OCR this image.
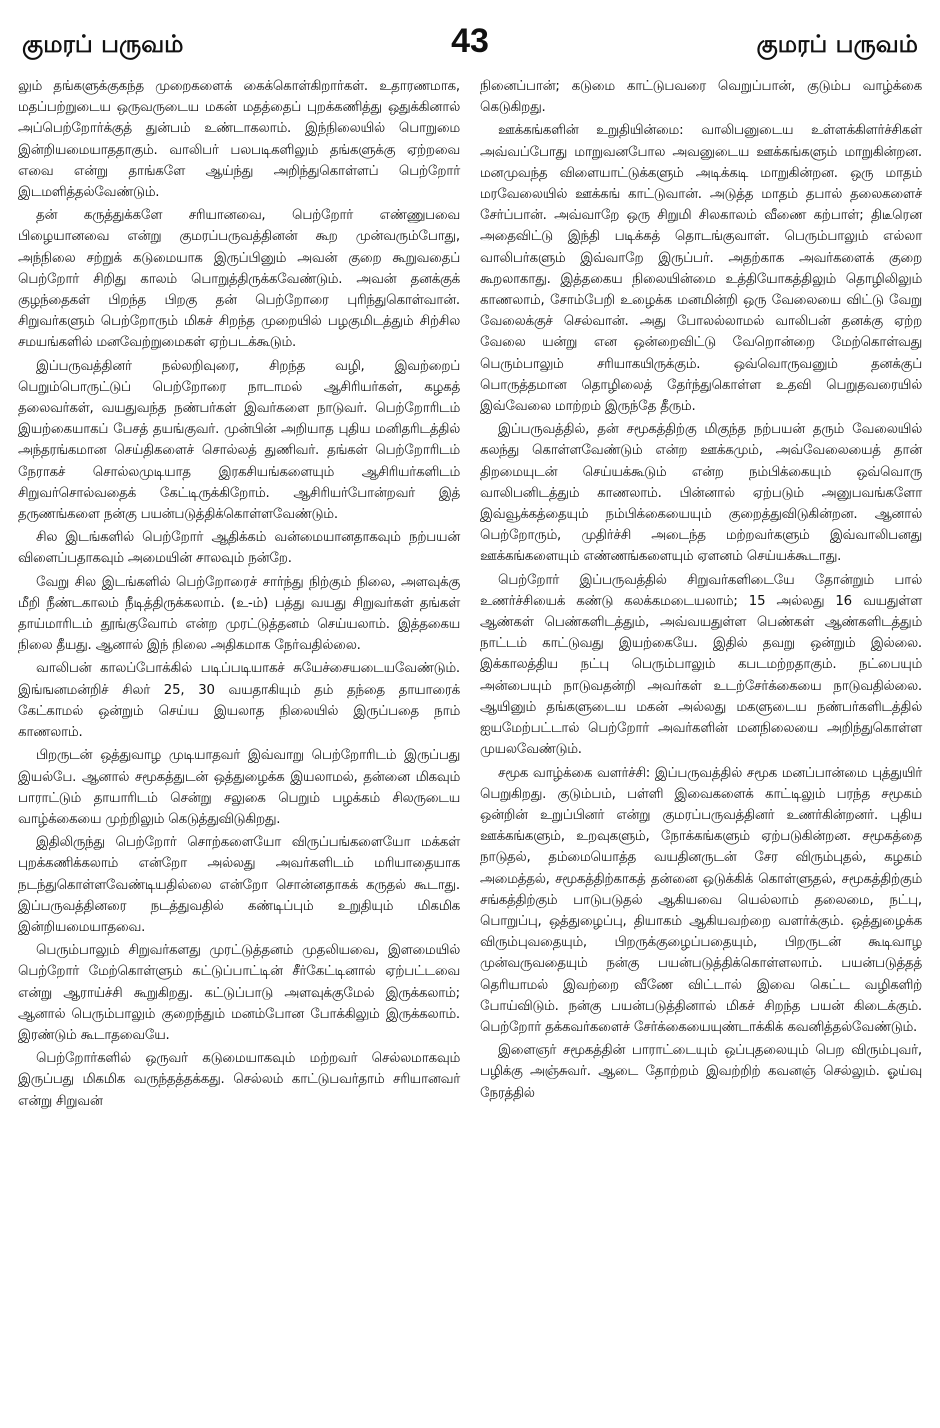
குமரப் பருவம்	43	குமரப் பருவம்

லும் தங்களுக்குகந்த முறைகளைக் கைக்கொள்கிறார்கள். உதாரணமாக, மதப்பற்றுடைய ஒருவருடைய மகன் மதத்தைப் புறக்கணித்து ஒதுக்கினால் அப்பெற்றோர்க்குத் துன்பம் உண்டாகலாம். இந்நிலையில் பொறுமை இன்றியமையாததாகும். வாலிபர் பலபடிகளிலும் தங்களுக்கு ஏற்றவை எவை என்று தாங்களே ஆய்ந்து அறிந்துகொள்ளப் பெற்றோர் இடமளித்தல்வேண்டும்.

தன் கருத்துக்களே சரியானவை, பெற்றோர் எண்ணுபவை பிழையானவை என்று குமரப்பருவத்தினன் கூற முன்வரும்போது, அந்நிலை சற்றுக் கடுமையாக இருப்பினும் அவன் குறை கூறுவதைப் பெற்றோர் சிறிது காலம் பொறுத்திருக்கவேண்டும். அவன் தனக்குக் குழந்தைகள் பிறந்த பிறகு தன் பெற்றோரை புரிந்துகொள்வான். சிறுவர்களும் பெற்றோரும் மிகச் சிறந்த முறையில் பழகுமிடத்தும் சிற்சில சமயங்களில் மனவேற்றுமைகள் ஏற்படக்கூடும்.

இப்பருவத்தினர் நல்லறிவுரை, சிறந்த வழி, இவற்றைப் பெறும்பொருட்டுப் பெற்றோரை நாடாமல் ஆசிரியர்கள், கழகத் தலைவர்கள், வயதுவந்த நண்பர்கள் இவர்களை நாடுவர். பெற்றோரிடம் இயற்கையாகப் பேசத் தயங்குவர். முன்பின் அறியாத புதிய மனிதரிடத்தில் அந்தரங்கமான செய்திகளைச் சொல்லத் துணிவர். தங்கள் பெற்றோரிடம் நேராகச் சொல்லமுடியாத இரகசியங்களையும் ஆசிரியர்களிடம் சிறுவர்சொல்வதைக் கேட்டிருக்கிறோம். ஆசிரியர்போன்றவர் இத் தருணங்களை நன்கு பயன்படுத்திக்கொள்ளவேண்டும்.

சில இடங்களில் பெற்றோர் ஆதிக்கம் வன்மையானதாகவும் நற்பயன் விளைப்பதாகவும் அமையின் சாலவும் நன்றே.

வேறு சில இடங்களில் பெற்றோரைச் சார்ந்து நிற்கும் நிலை, அளவுக்கு மீறி நீண்டகாலம் நீடித்திருக்கலாம். (உ-ம்) பத்து வயது சிறுவர்கள் தங்கள் தாய்மாரிடம் தூங்குவோம் என்ற முரட்டுத்தனம் செய்யலாம். இத்தகைய நிலை தீயது. ஆனால் இந் நிலை அதிகமாக நேர்வதில்லை.

வாலிபன் காலப்போக்கில் படிப்படியாகச் சுயேச்சையடையவேண்டும். இங்ஙனமன்றிச் சிலர் 25, 30 வயதாகியும் தம் தந்தை தாயாரைக் கேட்காமல் ஒன்றும் செய்ய இயலாத நிலையில் இருப்பதை நாம் காணலாம்.

பிறருடன் ஒத்துவாழ முடியாதவர் இவ்வாறு பெற்றோரிடம் இருப்பது இயல்பே. ஆனால் சமூகத்துடன் ஒத்துழைக்க இயலாமல், தன்னை மிகவும் பாராட்டும் தாயாரிடம் சென்று சலுகை பெறும் பழக்கம் சிலருடைய வாழ்க்கையை முற்றிலும் கெடுத்துவிடுகிறது.

இதிலிருந்து பெற்றோர் சொற்களையோ விருப்பங்களையோ மக்கள் புறக்கணிக்கலாம் என்றோ அல்லது அவர்களிடம் மரியாதையாக நடந்துகொள்ளவேண்டியதில்லை என்றோ சொன்னதாகக் கருதல் கூடாது. இப்பருவத்தினரை நடத்துவதில் கண்டிப்பும் உறுதியும் மிகமிக இன்றியமையாதவை.

பெரும்பாலும் சிறுவர்களது முரட்டுத்தனம் முதலியவை, இளமையில் பெற்றோர் மேற்கொள்ளும் கட்டுப்பாட்டின் சீர்கேட்டினால் ஏற்பட்டவை என்று ஆராய்ச்சி கூறுகிறது. கட்டுப்பாடு அளவுக்குமேல் இருக்கலாம்; ஆனால் பெரும்பாலும் குறைந்தும் மனம்போன போக்கிலும் இருக்கலாம். இரண்டும் கூடாதவையே.

பெற்றோர்களில் ஒருவர் கடுமையாகவும் மற்றவர் செல்லமாகவும் இருப்பது மிகமிக வருந்தத்தக்கது. செல்லம் காட்டுபவர்தாம் சரியானவர் என்று சிறுவன்

நினைப்பான்; கடுமை காட்டுபவரை வெறுப்பான், குடும்ப வாழ்க்கை கெடுகிறது.

ஊக்கங்களின் உறுதியின்மை: வாலிபனுடைய உள்ளக்கிளர்ச்சிகள் அவ்வப்போது மாறுவனபோல அவனுடைய ஊக்கங்களும் மாறுகின்றன. மனமுவந்த விளையாட்டுக்களும் அடிக்கடி மாறுகின்றன. ஒரு மாதம் மரவேலையில் ஊக்கங் காட்டுவான். அடுத்த மாதம் தபால் தலைகளைச் சேர்ப்பான். அவ்வாறே ஒரு சிறுமி சிலகாலம் வீணை கற்பாள்; திடீரென அதைவிட்டு இந்தி படிக்கத் தொடங்குவாள். பெரும்பாலும் எல்லா வாலிபர்களும் இவ்வாறே இருப்பர். அதற்காக அவர்களைக் குறை கூறலாகாது. இத்தகைய நிலையின்மை உத்தியோகத்திலும் தொழிலிலும் காணலாம், சோம்பேறி உழைக்க மனமின்றி ஒரு வேலையை விட்டு வேறு வேலைக்குச் செல்வான். அது போலல்லாமல் வாலிபன் தனக்கு ஏற்ற வேலை யன்று என ஒன்றைவிட்டு வேறொன்றை மேற்கொள்வது பெரும்பாலும் சரியாகயிருக்கும். ஒவ்வொருவனும் தனக்குப் பொருத்தமான தொழிலைத் தேர்ந்துகொள்ள உதவி பெறுதவரையில் இவ்வேலை மாற்றம் இருந்தே தீரும்.

இப்பருவத்தில், தன் சமூகத்திற்கு மிகுந்த நற்பயன் தரும் வேலையில் கலந்து கொள்ளவேண்டும் என்ற ஊக்கமும், அவ்வேலையைத் தான் திறமையுடன் செய்யக்கூடும் என்ற நம்பிக்கையும் ஒவ்வொரு வாலிபனிடத்தும் காணலாம். பின்னால் ஏற்படும் அனுபவங்களோ இவ்வூக்கத்தையும் நம்பிக்கையையும் குறைத்துவிடுகின்றன. ஆனால் பெற்றோரும், முதிர்ச்சி அடைந்த மற்றவர்களும் இவ்வாலிபனது ஊக்கங்களையும் எண்ணங்களையும் ஏளனம் செய்யக்கூடாது.

பெற்றோர் இப்பருவத்தில் சிறுவர்களிடையே தோன்றும் பால் உணர்ச்சியைக் கண்டு கலக்கமடையலாம்; 15 அல்லது 16 வயதுள்ள ஆண்கள் பெண்களிடத்தும், அவ்வயதுள்ள பெண்கள் ஆண்களிடத்தும் நாட்டம் காட்டுவது இயற்கையே. இதில் தவறு ஒன்றும் இல்லை. இக்காலத்திய நட்பு பெரும்பாலும் கபடமற்றதாகும். நட்பையும் அன்பையும் நாடுவதன்றி அவர்கள் உடற்சேர்க்கையை நாடுவதில்லை. ஆயினும் தங்களுடைய மகன் அல்லது மகளுடைய நண்பர்களிடத்தில் ஐயமேற்பட்டால் பெற்றோர் அவர்களின் மனநிலையை அறிந்துகொள்ள முயலவேண்டும்.

சமூக வாழ்க்கை வளர்ச்சி: இப்பருவத்தில் சமூக மனப்பான்மை புத்துயிர் பெறுகிறது. குடும்பம், பள்ளி இவைகளைக் காட்டிலும் பரந்த சமூகம் ஒன்றின் உறுப்பினர் என்று குமரப்பருவத்தினர் உணர்கின்றனர். புதிய ஊக்கங்களும், உறவுகளும், நோக்கங்களும் ஏற்படுகின்றன. சமூகத்தை நாடுதல், தம்மையொத்த வயதினருடன் சேர விரும்புதல், கழகம் அமைத்தல், சமூகத்திற்காகத் தன்னை ஒடுக்கிக் கொள்ளுதல், சமூகத்திற்கும் சங்கத்திற்கும் பாடுபடுதல் ஆகியவை யெல்லாம் தலைமை, நட்பு, பொறுப்பு, ஒத்துழைப்பு, தியாகம் ஆகியவற்றை வளர்க்கும். ஒத்துழைக்க விரும்புவதையும், பிறருக்குழைப்பதையும், பிறருடன் கூடிவாழ முன்வருவதையும் நன்கு பயன்படுத்திக்கொள்ளலாம். பயன்படுத்தத் தெரியாமல் இவற்றை வீணே விட்டால் இவை கெட்ட வழிகளிற் போய்விடும். நன்கு பயன்படுத்தினால் மிகச் சிறந்த பயன் கிடைக்கும். பெற்றோர் தக்கவர்களைச் சேர்க்கையையுண்டாக்கிக் கவனித்தல்வேண்டும்.

இளைஞர் சமூகத்தின் பாராட்டையும் ஒப்புதலையும் பெற விரும்புவர், பழிக்கு அஞ்சுவர். ஆடை தோற்றம் இவற்றிற் கவனஞ் செல்லும். ஓய்வு நேரத்தில்
